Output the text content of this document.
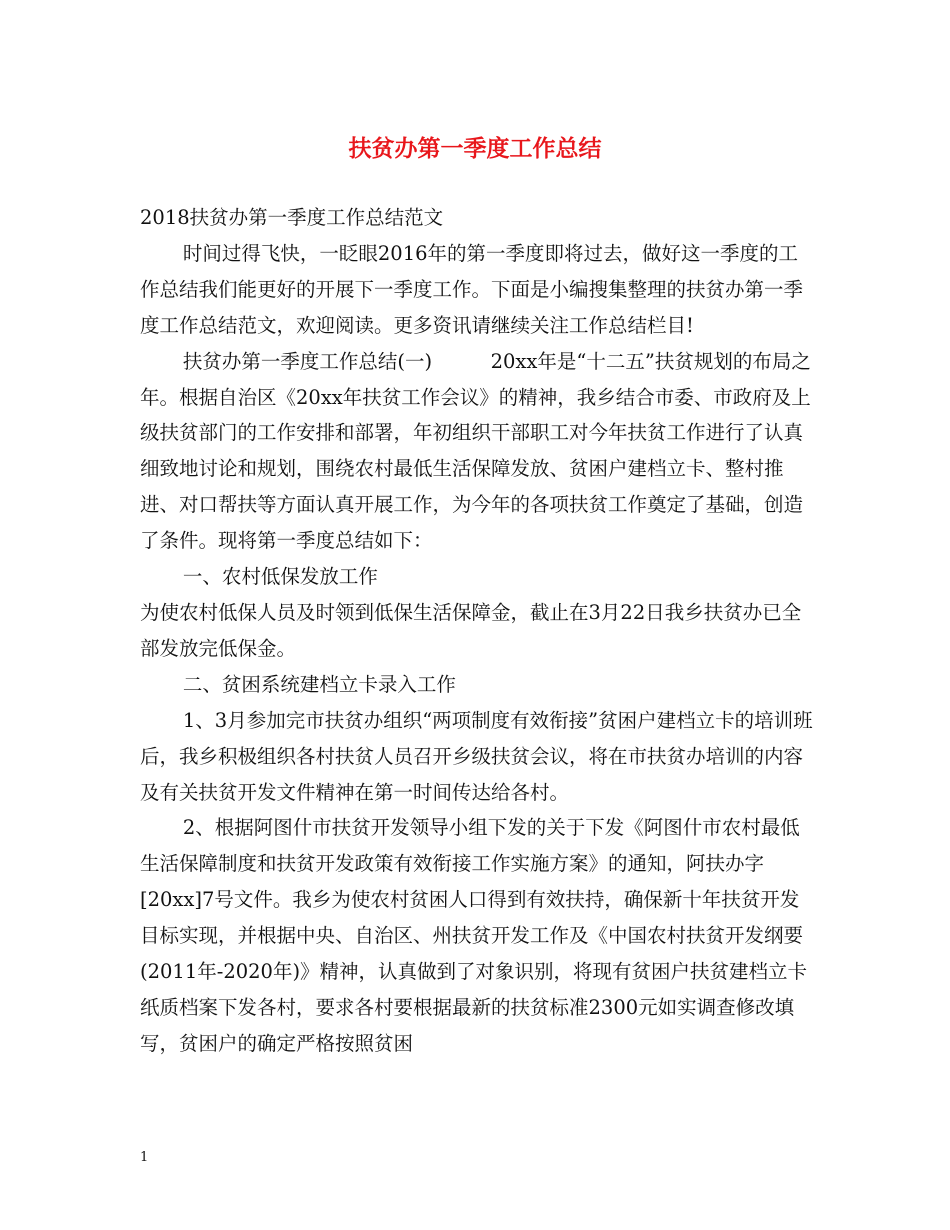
扶贫办第一季度工作总结

2018扶贫办第一季度工作总结范文

时间过得飞快，一眨眼2016年的第一季度即将过去，做好这一季度的工作总结我们能更好的开展下一季度工作。下面是小编搜集整理的扶贫办第一季度工作总结范文，欢迎阅读。更多资讯请继续关注工作总结栏目!

扶贫办第一季度工作总结(一)　　　20xx年是“十二五”扶贫规划的布局之年。根据自治区《20xx年扶贫工作会议》的精神，我乡结合市委、市政府及上级扶贫部门的工作安排和部署，年初组织干部职工对今年扶贫工作进行了认真细致地讨论和规划，围绕农村最低生活保障发放、贫困户建档立卡、整村推进、对口帮扶等方面认真开展工作，为今年的各项扶贫工作奠定了基础，创造了条件。现将第一季度总结如下：

一、农村低保发放工作

为使农村低保人员及时领到低保生活保障金，截止在3月22日我乡扶贫办已全部发放完低保金。

二、贫困系统建档立卡录入工作

1、3月参加完市扶贫办组织“两项制度有效衔接”贫困户建档立卡的培训班后，我乡积极组织各村扶贫人员召开乡级扶贫会议，将在市扶贫办培训的内容及有关扶贫开发文件精神在第一时间传达给各村。

2、根据阿图什市扶贫开发领导小组下发的关于下发《阿图什市农村最低生活保障制度和扶贫开发政策有效衔接工作实施方案》的通知，阿扶办字[20xx]7号文件。我乡为使农村贫困人口得到有效扶持，确保新十年扶贫开发目标实现，并根据中央、自治区、州扶贫开发工作及《中国农村扶贫开发纲要(2011年-2020年)》精神，认真做到了对象识别，将现有贫困户扶贫建档立卡纸质档案下发各村，要求各村要根据最新的扶贫标准2300元如实调查修改填写，贫困户的确定严格按照贫困

1
